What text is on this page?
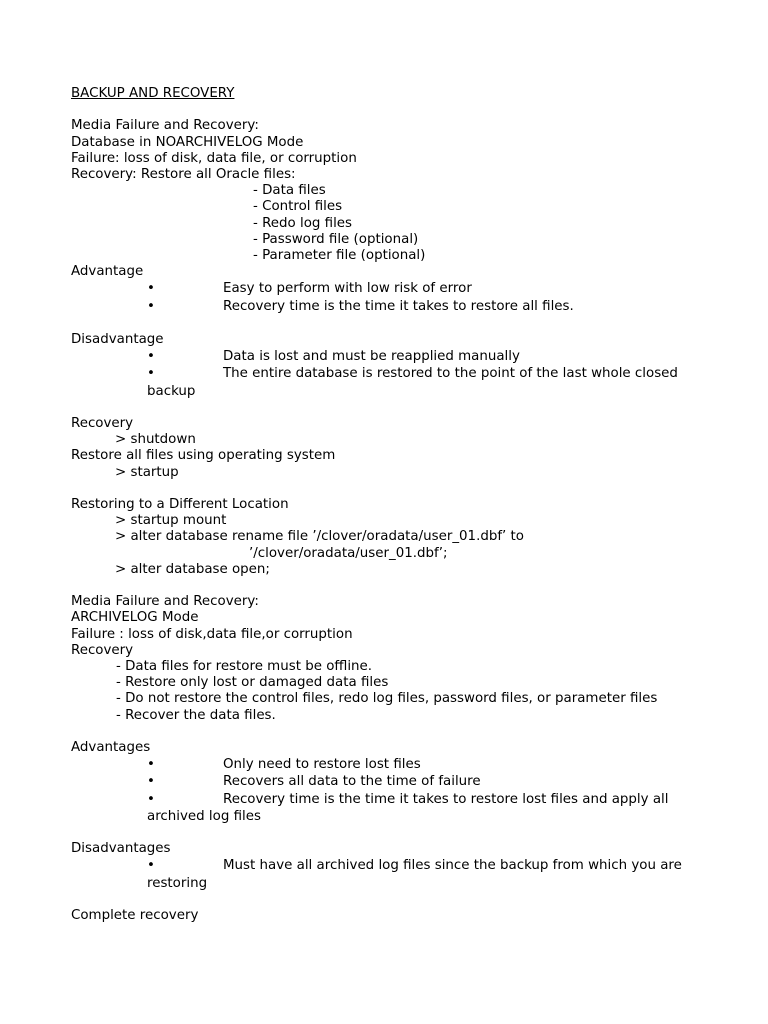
BACKUP AND RECOVERY
Media Failure and Recovery:
Database in NOARCHIVELOG Mode
Failure: loss of disk, data file, or corruption
Recovery: Restore all Oracle files:
- Data files
- Control files
- Redo log files
- Password file (optional)
- Parameter file (optional)
Advantage
•	Easy to perform with low risk of error
•	Recovery time is the time it takes to restore all files.
Disadvantage
•	Data is lost and must be reapplied manually
•	The entire database is restored to the point of the last whole closed
backup
Recovery
> shutdown
Restore all files using operating system
> startup
Restoring to a Different Location
> startup mount
> alter database rename file ’/clover/oradata/user_01.dbf’ to
’/clover/oradata/user_01.dbf’;
> alter database open;
Media Failure and Recovery:
ARCHIVELOG Mode
Failure : loss of disk,data file,or corruption
Recovery
- Data files for restore must be offline.
- Restore only lost or damaged data files
- Do not restore the control files, redo log files, password files, or parameter files
- Recover the data files.
Advantages
•	Only need to restore lost files
•	Recovers all data to the time of failure
•	Recovery time is the time it takes to restore lost files and apply all
archived log files
Disadvantages
•	Must have all archived log files since the backup from which you are
restoring
Complete recovery
